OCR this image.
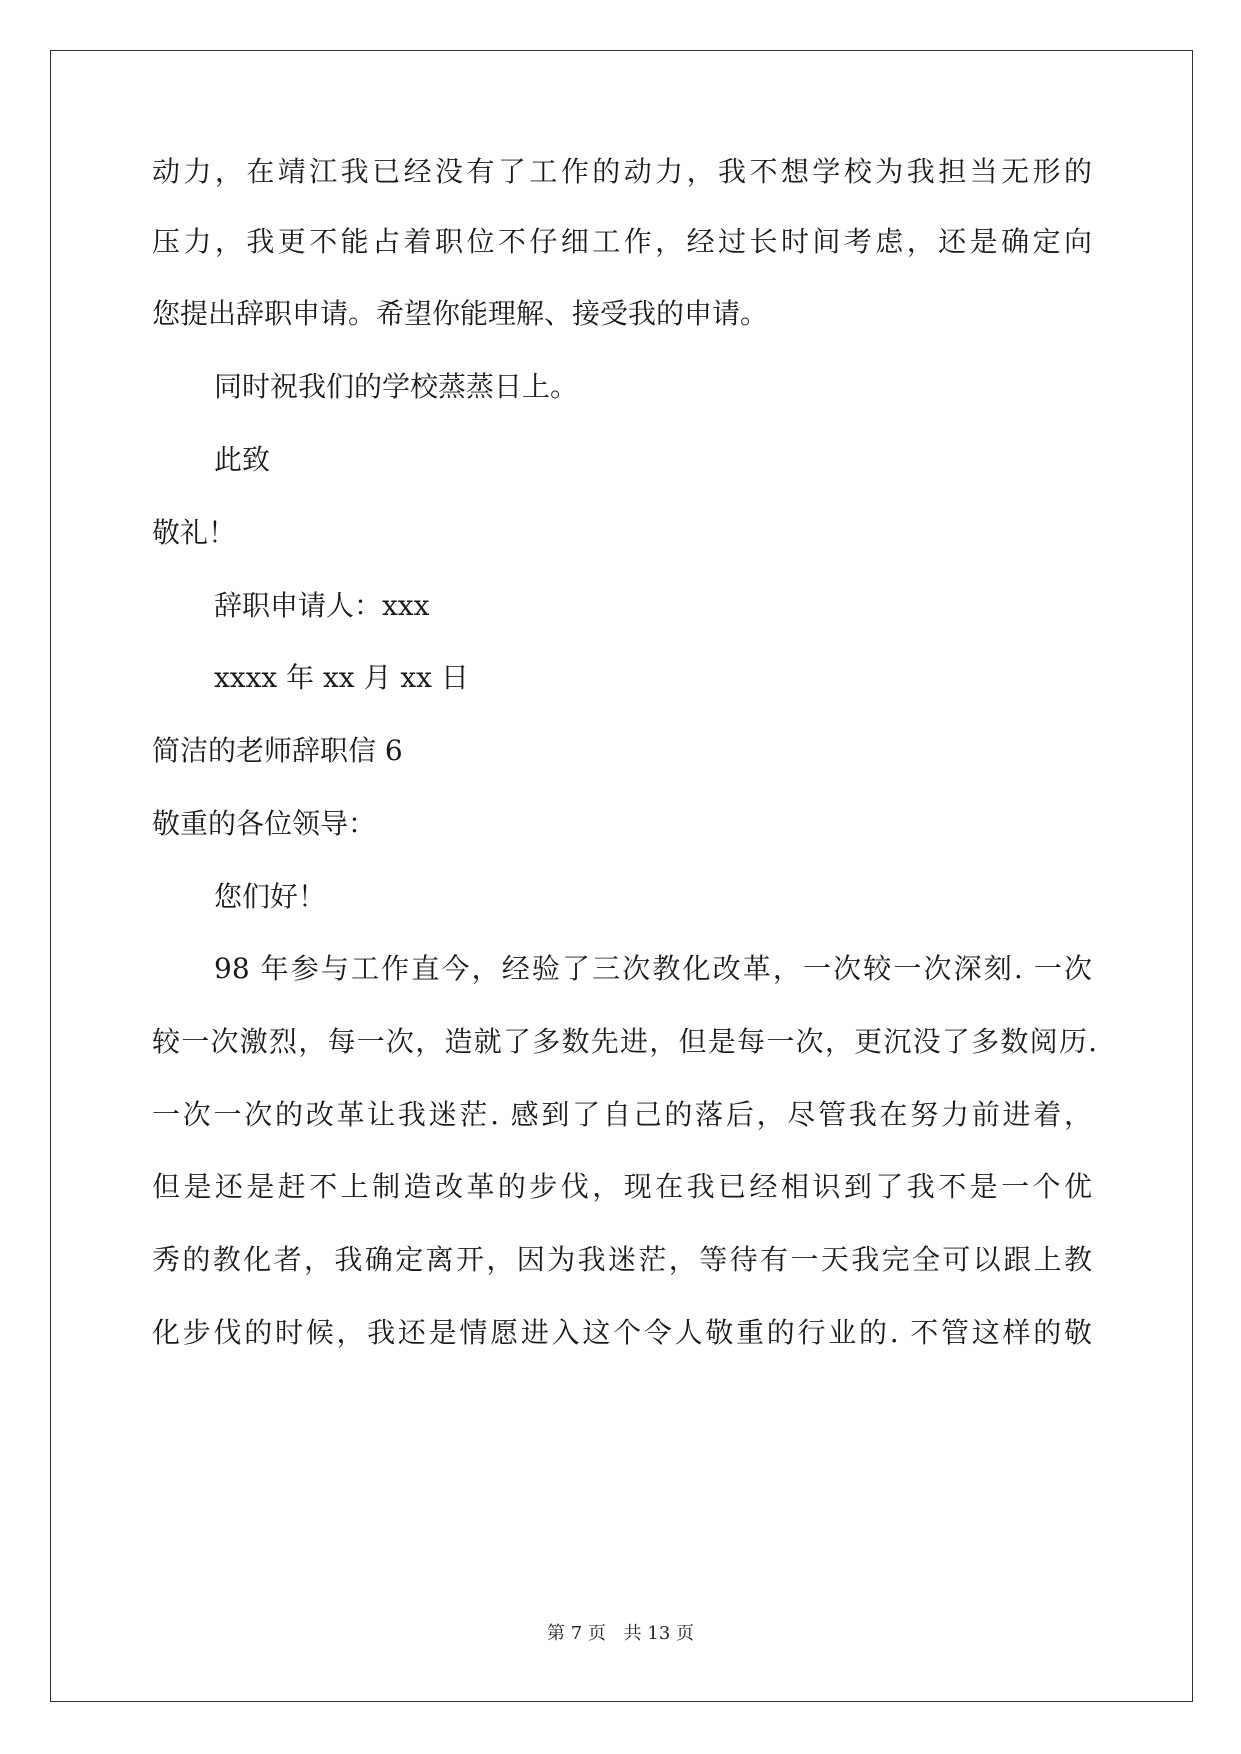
动力，在靖江我已经没有了工作的动力，我不想学校为我担当无形的
压力，我更不能占着职位不仔细工作，经过长时间考虑，还是确定向
您提出辞职申请。希望你能理解、接受我的申请。
同时祝我们的学校蒸蒸日上。
此致
敬礼！
辞职申请人：xxx
xxxx 年 xx 月 xx 日
简洁的老师辞职信 6
敬重的各位领导：
您们好！
98 年参与工作直今，经验了三次教化改革，一次较一次深刻. 一次
较一次激烈，每一次，造就了多数先进，但是每一次，更沉没了多数阅历.
一次一次的改革让我迷茫. 感到了自己的落后，尽管我在努力前进着，
但是还是赶不上制造改革的步伐，现在我已经相识到了我不是一个优
秀的教化者，我确定离开，因为我迷茫，等待有一天我完全可以跟上教
化步伐的时候，我还是情愿进入这个令人敬重的行业的. 不管这样的敬
第 7 页 共 13 页
